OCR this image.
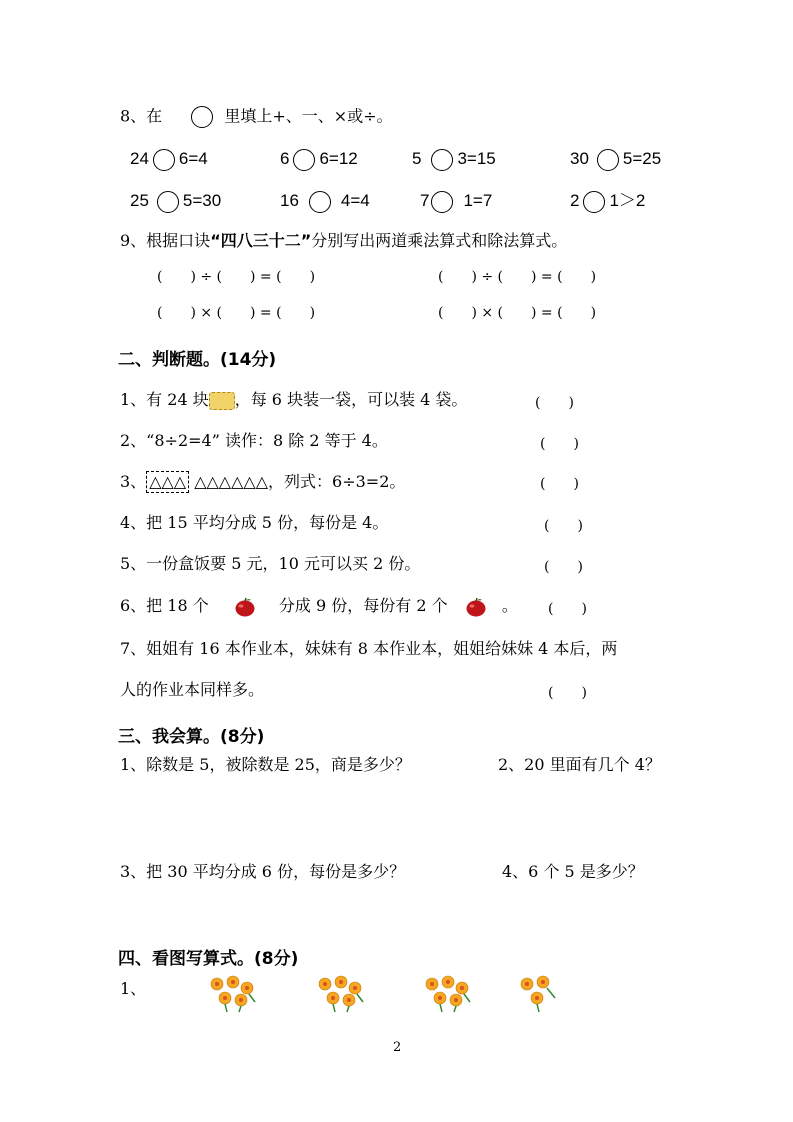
8、在	里填上+、一、×或÷。
24 6=4	6 6=12	5 3=15	30 5=25
25 5=30	16 4=4	7 1=7	2 1＞2
9、根据口诀“四八三十二”分别写出两道乘法算式和除法算式。
(　　) ÷ (　　) = (　　)	(　　) ÷ (　　) = (　　)
(　　) × (　　) = (　　)	(　　) × (　　) = (　　)
二、判断题。(14分)
1、有 24 块 ，每 6 块装一袋，可以装 4 袋。	(　　)
2、“8÷2=4” 读作：8 除 2 等于 4。	(　　)
3、 △△△ △△△△△△，列式：6÷3=2。	(　　)
4、把 15 平均分成 5 份，每份是 4。	(　　)
5、一份盒饭要 5 元，10 元可以买 2 份。	(　　)
6、把 18 个	分成 9 份，每份有 2 个	。 (　　)
7、姐姐有 16 本作业本，妹妹有 8 本作业本，姐姐给妹妹 4 本后，两
人的作业本同样多。	(　　)
三、我会算。(8分)
1、除数是 5，被除数是 25，商是多少？	2、20 里面有几个 4？
3、把 30 平均分成 6 份，每份是多少？	4、6 个 5 是多少？
四、看图写算式。(8分)
1、
2
